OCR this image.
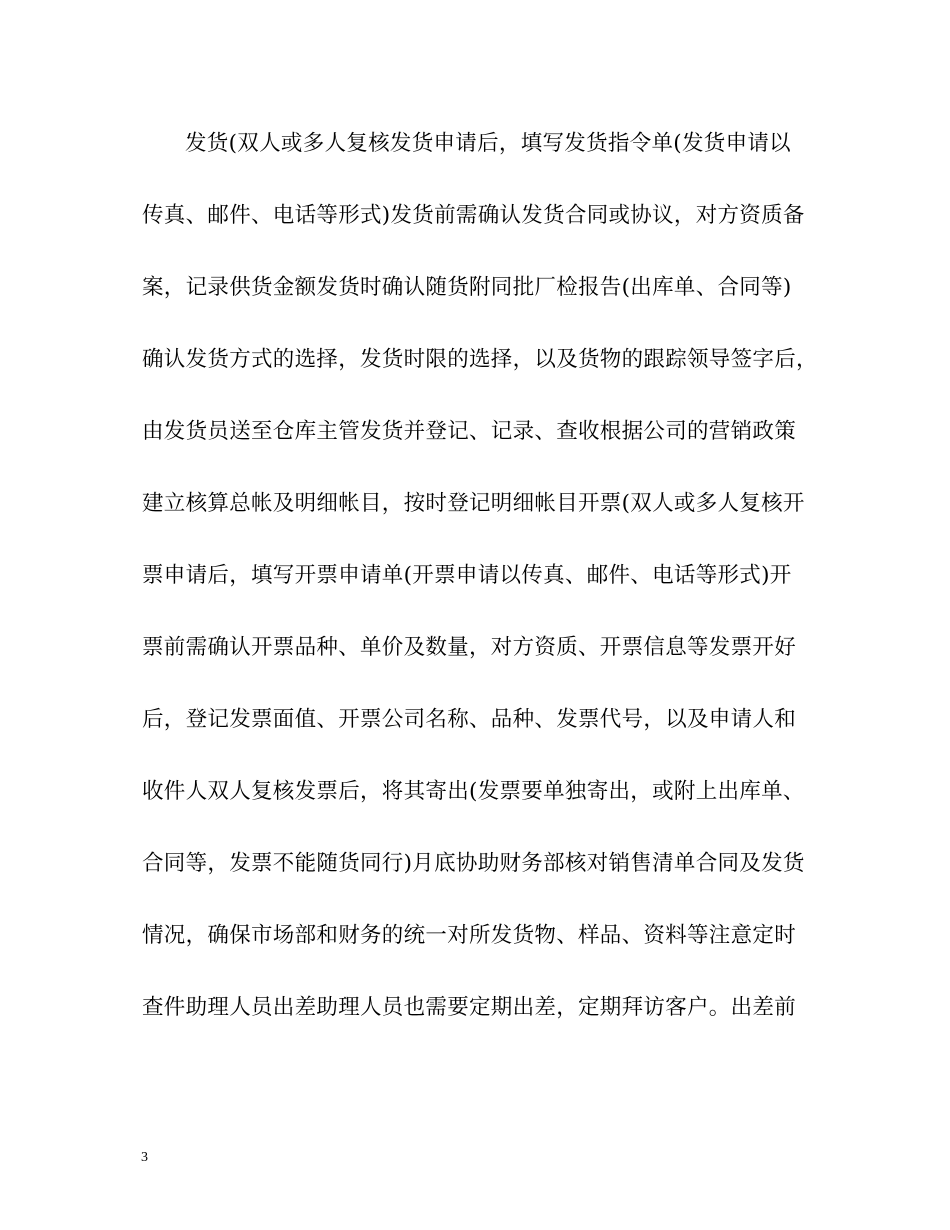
发货(双人或多人复核发货申请后，填写发货指令单(发货申请以
传真、邮件、电话等形式)发货前需确认发货合同或协议，对方资质备
案，记录供货金额发货时确认随货附同批厂检报告(出库单、合同等)
确认发货方式的选择，发货时限的选择，以及货物的跟踪领导签字后，
由发货员送至仓库主管发货并登记、记录、查收根据公司的营销政策
建立核算总帐及明细帐目，按时登记明细帐目开票(双人或多人复核开
票申请后，填写开票申请单(开票申请以传真、邮件、电话等形式)开
票前需确认开票品种、单价及数量，对方资质、开票信息等发票开好
后，登记发票面值、开票公司名称、品种、发票代号，以及申请人和
收件人双人复核发票后，将其寄出(发票要单独寄出，或附上出库单、
合同等，发票不能随货同行)月底协助财务部核对销售清单合同及发货
情况，确保市场部和财务的统一对所发货物、样品、资料等注意定时
查件助理人员出差助理人员也需要定期出差，定期拜访客户。出差前
3
